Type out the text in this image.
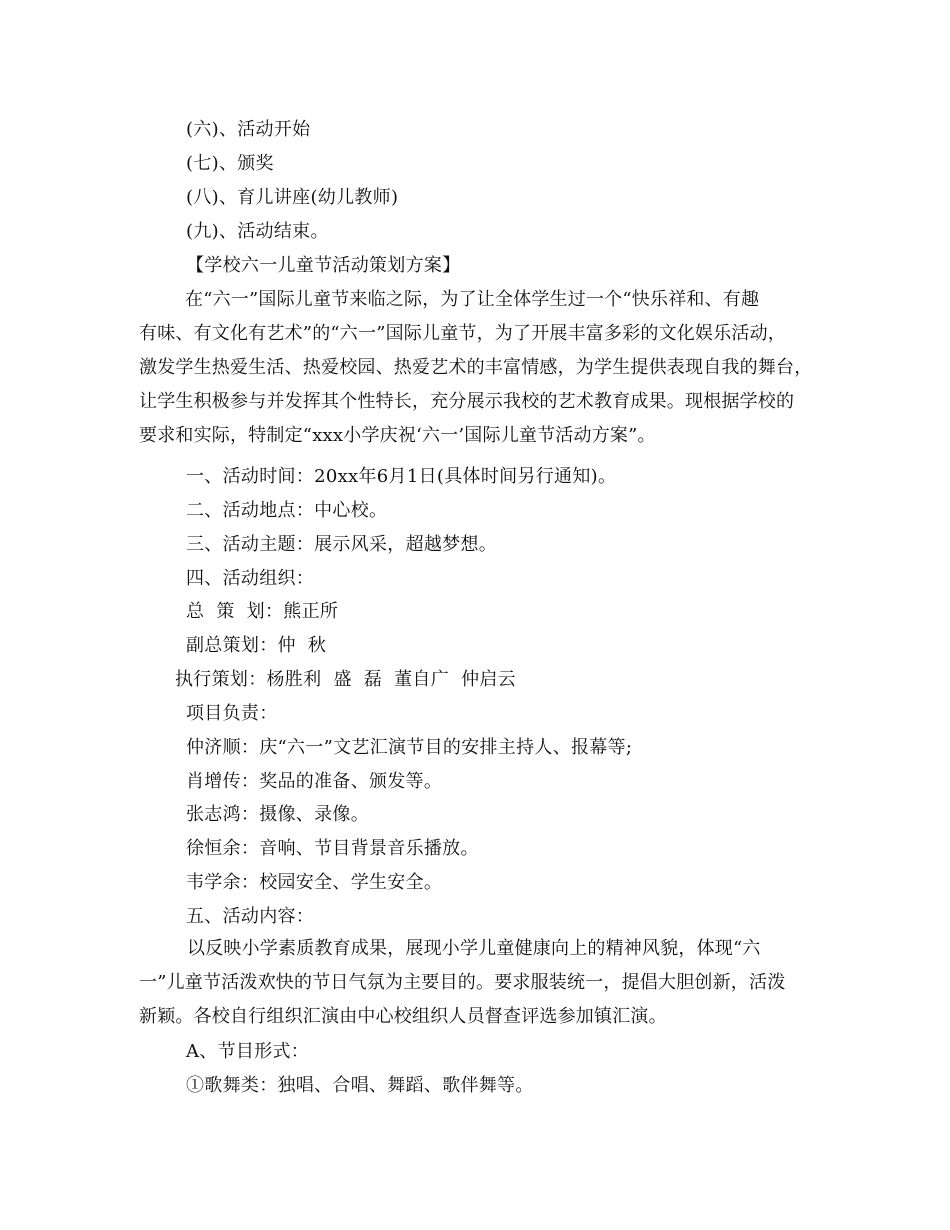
(六)、活动开始
(七)、颁奖
(八)、育儿讲座(幼儿教师)
(九)、活动结束。
【学校六一儿童节活动策划方案】
在“六一”国际儿童节来临之际，为了让全体学生过一个“快乐祥和、有趣
有味、有文化有艺术”的“六一”国际儿童节，为了开展丰富多彩的文化娱乐活动，
激发学生热爱生活、热爱校园、热爱艺术的丰富情感，为学生提供表现自我的舞台，
让学生积极参与并发挥其个性特长，充分展示我校的艺术教育成果。现根据学校的
要求和实际，特制定“xxx小学庆祝‘六一’国际儿童节活动方案”。
一、活动时间：20xx年6月1日(具体时间另行通知)。
二、活动地点：中心校。
三、活动主题：展示风采，超越梦想。
四、活动组织：
总  策  划：熊正所
副总策划：仲  秋
执行策划：杨胜利  盛  磊  董自广  仲启云
项目负责：
仲济顺：庆“六一”文艺汇演节目的安排主持人、报幕等;
肖增传：奖品的准备、颁发等。
张志鸿：摄像、录像。
徐恒余：音响、节目背景音乐播放。
韦学余：校园安全、学生安全。
五、活动内容：
以反映小学素质教育成果，展现小学儿童健康向上的精神风貌，体现“六
一”儿童节活泼欢快的节日气氛为主要目的。要求服装统一，提倡大胆创新，活泼
新颖。各校自行组织汇演由中心校组织人员督查评选参加镇汇演。
A、节目形式：
①歌舞类：独唱、合唱、舞蹈、歌伴舞等。
